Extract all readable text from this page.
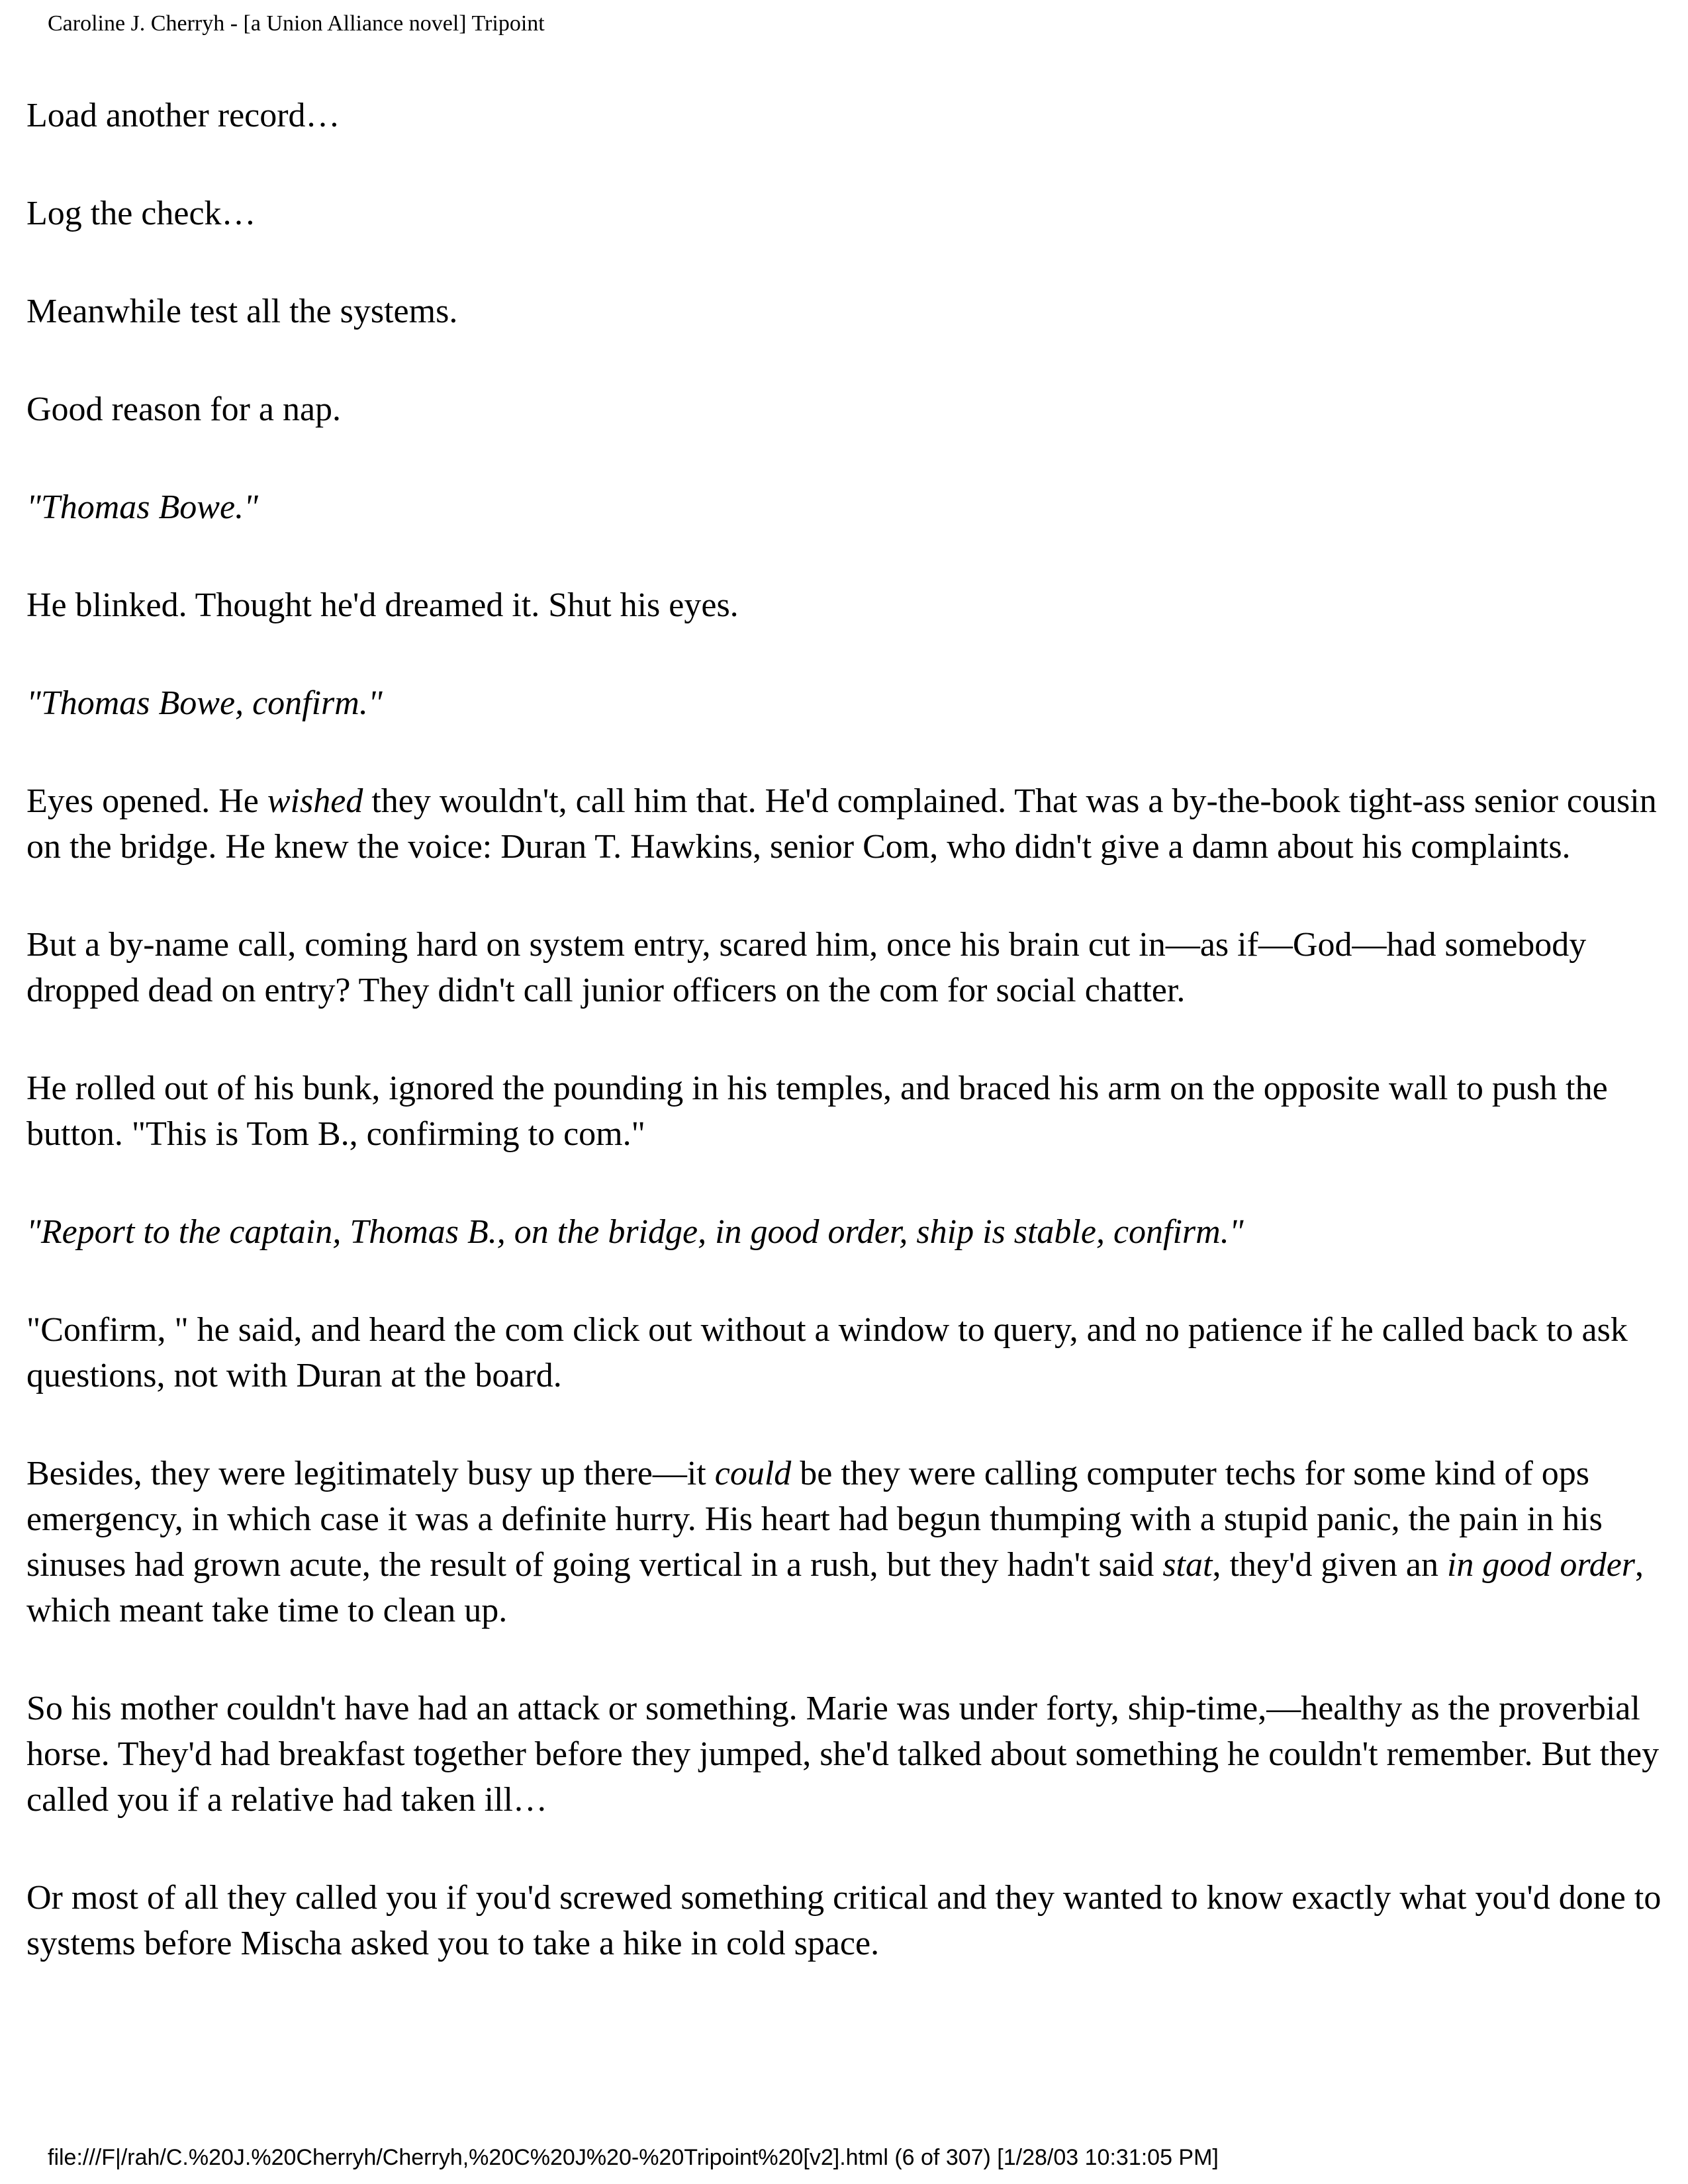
Caroline J. Cherryh - [a Union Alliance novel] Tripoint

Load another record…

Log the check…

Meanwhile test all the systems.

Good reason for a nap.

"Thomas Bowe."

He blinked. Thought he'd dreamed it. Shut his eyes.

"Thomas Bowe, confirm."

Eyes opened. He wished they wouldn't, call him that. He'd complained. That was a by-the-book tight-ass senior cousin on the bridge. He knew the voice: Duran T. Hawkins, senior Com, who didn't give a damn about his complaints.

But a by-name call, coming hard on system entry, scared him, once his brain cut in—as if—God—had somebody dropped dead on entry? They didn't call junior officers on the com for social chatter.

He rolled out of his bunk, ignored the pounding in his temples, and braced his arm on the opposite wall to push the button. "This is Tom B., confirming to com."

"Report to the captain, Thomas B., on the bridge, in good order, ship is stable, confirm."

"Confirm, " he said, and heard the com click out without a window to query, and no patience if he called back to ask questions, not with Duran at the board.

Besides, they were legitimately busy up there—it could be they were calling computer techs for some kind of ops emergency, in which case it was a definite hurry. His heart had begun thumping with a stupid panic, the pain in his sinuses had grown acute, the result of going vertical in a rush, but they hadn't said stat, they'd given an in good order, which meant take time to clean up.

So his mother couldn't have had an attack or something. Marie was under forty, ship-time,—healthy as the proverbial horse. They'd had breakfast together before they jumped, she'd talked about something he couldn't remember. But they called you if a relative had taken ill…

Or most of all they called you if you'd screwed something critical and they wanted to know exactly what you'd done to systems before Mischa asked you to take a hike in cold space.

file:///F|/rah/C.%20J.%20Cherryh/Cherryh,%20C%20J%20-%20Tripoint%20[v2].html (6 of 307) [1/28/03 10:31:05 PM]
